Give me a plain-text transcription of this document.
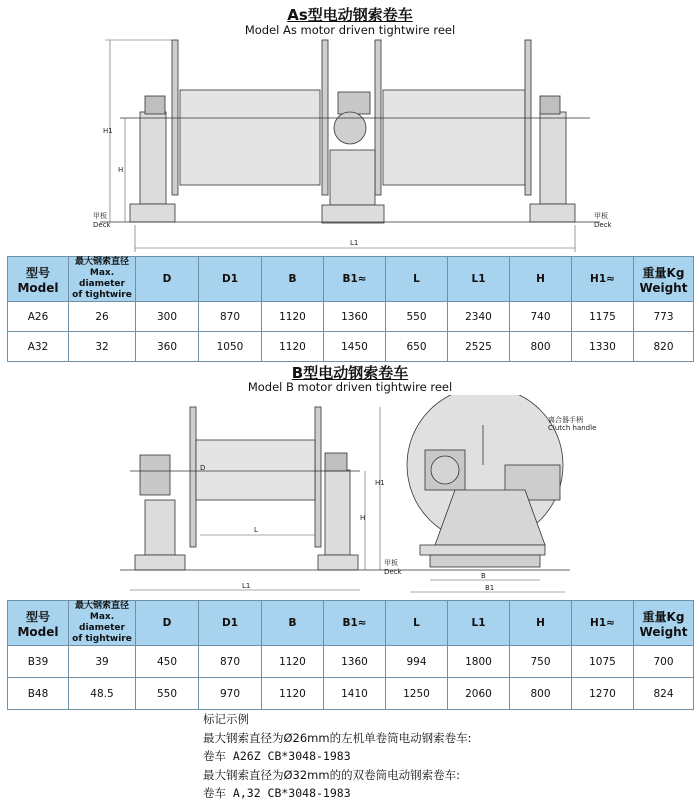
As型电动钢索卷车
Model As motor driven tightwire reel
H1
H
L1
甲板
Deck
甲板
Deck
型号
Model	最大钢索直径
Max. diameter
of tightwire	D	D1	B	B1≈	L	L1	H	H1≈	重量Kg
Weight

A26	26	300	870	1120	1360	550	2340	740	1175	773
A32	32	360	1050	1120	1450	650	2525	800	1330	820
B型电动钢索卷车
Model B motor driven tightwire reel
D
L
L1
H1
H
甲板
Deck	B
B1
离合器手柄
Clutch handle
型号
Model	最大钢索直径
Max. diameter
of tightwire	D	D1	B	B1≈	L	L1	H	H1≈	重量Kg
Weight

B39	39	450	870	1120	1360	994	1800	750	1075	700
B48	48.5	550	970	1120	1410	1250	2060	800	1270	824
标记示例
最大钢索直径为Ø26mm的左机单卷筒电动钢索卷车:
卷车 A26Z CB*3048-1983
最大钢索直径为Ø32mm的的双卷筒电动钢索卷车:
卷车 A,32 CB*3048-1983
